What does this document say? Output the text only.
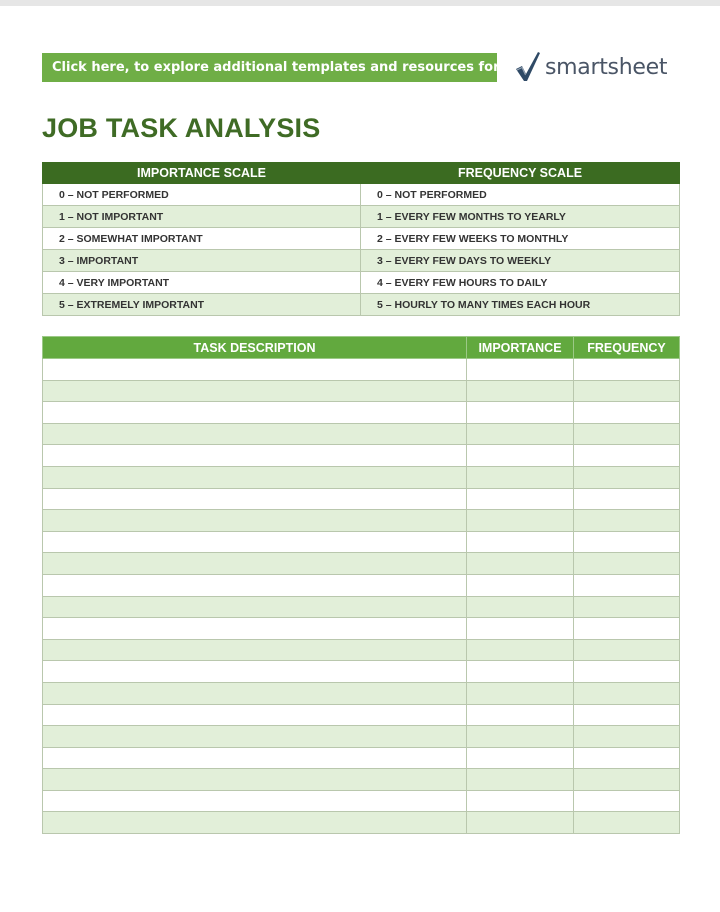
Click here, to explore additional templates and resources for free in
smartsheet
JOB TASK ANALYSIS
IMPORTANCE SCALE	FREQUENCY SCALE
0 – NOT PERFORMED	0 – NOT PERFORMED
1 – NOT IMPORTANT	1 – EVERY FEW MONTHS TO YEARLY
2 – SOMEWHAT IMPORTANT	2 – EVERY FEW WEEKS TO MONTHLY
3 – IMPORTANT	3 – EVERY FEW DAYS TO WEEKLY
4 – VERY IMPORTANT	4 – EVERY FEW HOURS TO DAILY
5 – EXTREMELY IMPORTANT	5 – HOURLY TO MANY TIMES EACH HOUR
TASK DESCRIPTION	IMPORTANCE	FREQUENCY
